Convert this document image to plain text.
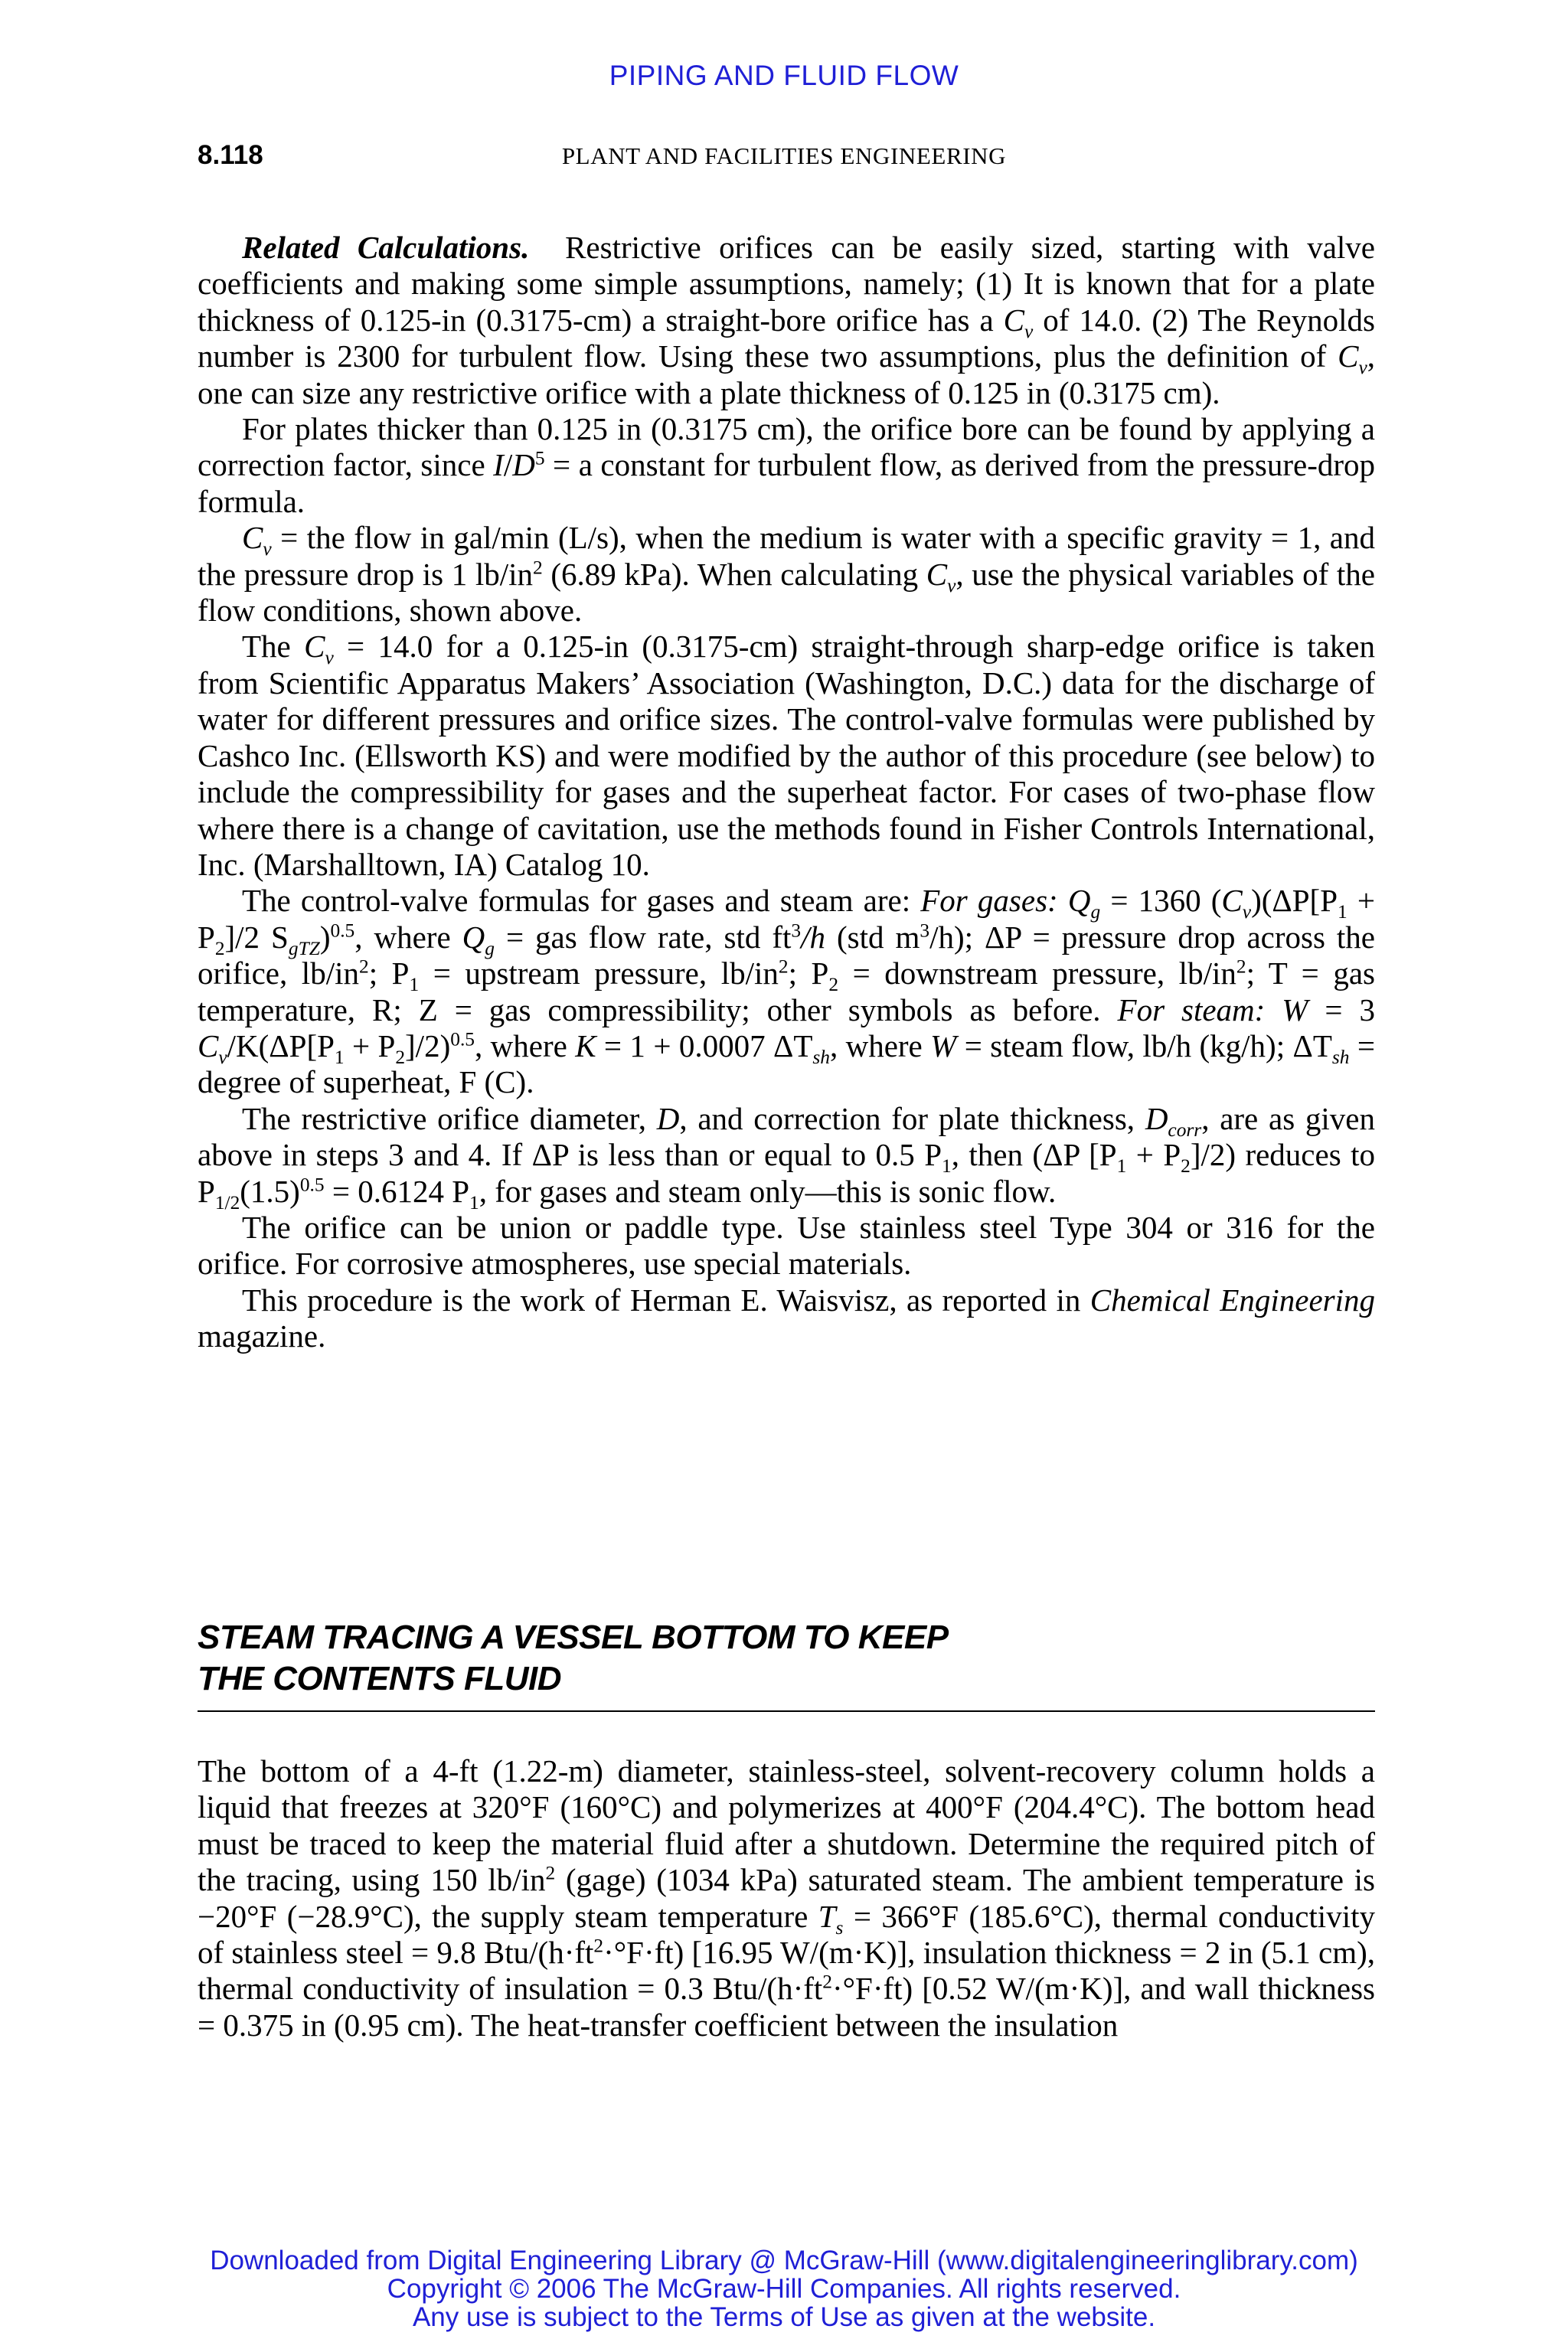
PIPING AND FLUID FLOW
8.118	PLANT AND FACILITIES ENGINEERING

Related Calculations. Restrictive orifices can be easily sized, starting with valve coefficients and making some simple assumptions, namely; (1) It is known that for a plate thickness of 0.125-in (0.3175-cm) a straight-bore orifice has a $C_v$ of 14.0. (2) The Reynolds number is 2300 for turbulent flow. Using these two assumptions, plus the definition of $C_v$, one can size any restrictive orifice with a plate thickness of 0.125 in (0.3175 cm).

For plates thicker than 0.125 in (0.3175 cm), the orifice bore can be found by applying a correction factor, since $I/D^5 = a$ constant for turbulent flow, as derived from the pressure-drop formula.

$C_v$ = the flow in gal/min (L/s), when the medium is water with a specific gravity = 1, and the pressure drop is 1 $lb/in^2$ (6.89 kPa). When calculating $C_v$, use the physical variables of the flow conditions, shown above.

The $C_v = 14.0$ for a 0.125-in (0.3175-cm) straight-through sharp-edge orifice is taken from Scientific Apparatus Makers’ Association (Washington, D.C.) data for the discharge of water for different pressures and orifice sizes. The control-valve formulas were published by Cashco Inc. (Ellsworth KS) and were modified by the author of this procedure (see below) to include the compressibility for gases and the superheat factor. For cases of two-phase flow where there is a change of cavitation, use the methods found in Fisher Controls International, Inc. (Marshalltown, IA) Catalog 10.

The control-valve formulas for gases and steam are: For gases: $Q_g = 1360$ $(C_v)(\Delta P[P_1 + P_2]/2$ $S_{gTZ})^{0.5}$, where $Q_g$ = gas flow rate, std $ft^3/h$ (std $m^3/h$); ΔP = pressure drop across the orifice, $lb/in^2$; $P_1$ = upstream pressure, $lb/in^2$; $P_2$ = downstream pressure, $lb/in^2$; T = gas temperature, R; Z = gas compressibility; other symbols as before. For steam: W = 3 $C_v/K(\Delta P[P_1 + P_2]/2)^{0.5}$, where K = 1 + 0.0007 $\Delta T_{sh}$, where W = steam flow, lb/h (kg/h); $\Delta T_{sh}$ = degree of superheat, F (C).

The restrictive orifice diameter, D, and correction for plate thickness, $D_{corr}$, are as given above in steps 3 and 4. If ΔP is less than or equal to 0.5 $P_1$, then (ΔP $[P_1 + P_2]/2$) reduces to $P_{1/2}(1.5)^{0.5} = 0.6124$ $P_1$, for gases and steam only—this is sonic flow.

The orifice can be union or paddle type. Use stainless steel Type 304 or 316 for the orifice. For corrosive atmospheres, use special materials.

This procedure is the work of Herman E. Waisvisz, as reported in Chemical Engineering magazine.

STEAM TRACING A VESSEL BOTTOM TO KEEP
THE CONTENTS FLUID

The bottom of a 4-ft (1.22-m) diameter, stainless-steel, solvent-recovery column holds a liquid that freezes at 320°F (160°C) and polymerizes at 400°F (204.4°C). The bottom head must be traced to keep the material fluid after a shutdown. Determine the required pitch of the tracing, using 150 $lb/in^2$ (gage) (1034 kPa) saturated steam. The ambient temperature is −20°F (−28.9°C), the supply steam temperature $T_s = 366^\circ F$ (185.6°C), thermal conductivity of stainless steel = 9.8 Btu/$(h\cdot ft^2\cdot^\circ F\cdot ft)$ [16.95 W/(m·K)], insulation thickness = 2 in (5.1 cm), thermal conductivity of insulation = 0.3 Btu/$(h\cdot ft^2\cdot^\circ F\cdot ft)$ [0.52 W/(m·K)], and wall thickness = 0.375 in (0.95 cm). The heat-transfer coefficient between the insulation

Downloaded from Digital Engineering Library @ McGraw-Hill (www.digitalengineeringlibrary.com)
Copyright © 2006 The McGraw-Hill Companies. All rights reserved.
Any use is subject to the Terms of Use as given at the website.
